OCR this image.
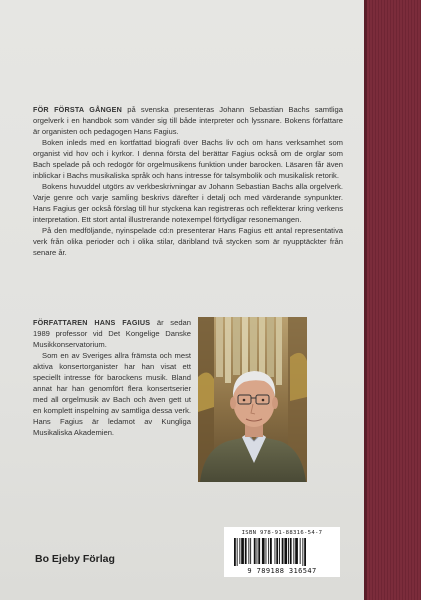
FÖR FÖRSTA GÅNGEN på svenska presenteras Johann Sebastian Bachs samtliga orgelverk i en handbok som vänder sig till både interpreter och lyssnare. Bokens författare är organisten och pedagogen Hans Fagius.

Boken inleds med en kortfattad biografi över Bachs liv och om hans verksamhet som organist vid hov och i kyrkor. I denna första del berättar Fagius också om de orglar som Bach spelade på och redogör för orgelmusikens funktion under barocken. Läsaren får även inblickar i Bachs musikaliska språk och hans intresse för talsymbolik och musikalisk retorik.

Bokens huvuddel utgörs av verkbeskrivningar av Johann Sebastian Bachs alla orgelverk. Varje genre och varje samling beskrivs därefter i detalj och med värderande synpunkter. Hans Fagius ger också förslag till hur styckena kan registreras och reflekterar kring verkens interpretation. Ett stort antal illustrerande notexempel förtydligar resonemangen.

På den medföljande, nyinspelade cd:n presenterar Hans Fagius ett antal representativa verk från olika perioder och i olika stilar, däribland två stycken som är nyupptäckter från senare år.

FÖRFATTAREN HANS FAGIUS är sedan 1989 professor vid Det Kongelige Danske Musikkonservatorium.

Som en av Sveriges allra främsta och mest aktiva konsertorganister har han visat ett speciellt intresse för barockens musik. Bland annat har han genomfört flera konsertserier med all orgelmusik av Bach och även gett ut en komplett inspelning av samtliga dessa verk. Hans Fagius är ledamot av Kungliga Musikaliska Akademien.

ISBN 978-91-88316-54-7
9 789188 316547
Bo Ejeby Förlag
